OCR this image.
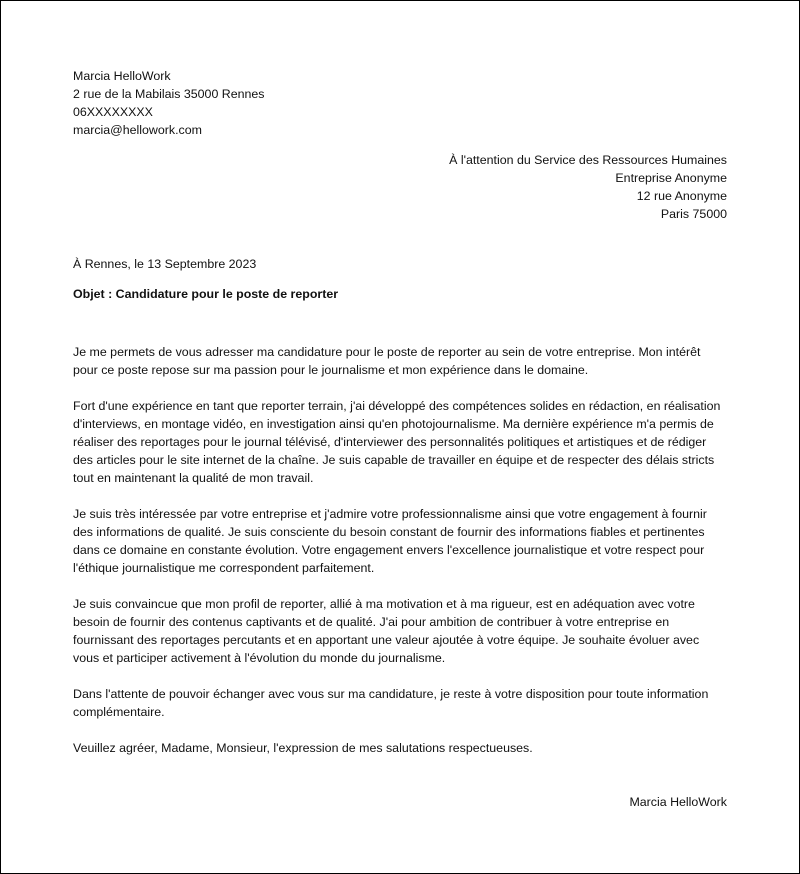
Marcia HelloWork
2 rue de la Mabilais 35000 Rennes
06XXXXXXXX
marcia@hellowork.com
À l'attention du Service des Ressources Humaines
Entreprise Anonyme
12 rue Anonyme
Paris 75000
À Rennes, le 13 Septembre 2023
Objet : Candidature pour le poste de reporter

Je me permets de vous adresser ma candidature pour le poste de reporter au sein de votre entreprise. Mon intérêt pour ce poste repose sur ma passion pour le journalisme et mon expérience dans le domaine.

Fort d'une expérience en tant que reporter terrain, j'ai développé des compétences solides en rédaction, en réalisation d'interviews, en montage vidéo, en investigation ainsi qu'en photojournalisme. Ma dernière expérience m'a permis de réaliser des reportages pour le journal télévisé, d'interviewer des personnalités politiques et artistiques et de rédiger des articles pour le site internet de la chaîne. Je suis capable de travailler en équipe et de respecter des délais stricts tout en maintenant la qualité de mon travail.

Je suis très intéressée par votre entreprise et j'admire votre professionnalisme ainsi que votre engagement à fournir des informations de qualité. Je suis consciente du besoin constant de fournir des informations fiables et pertinentes dans ce domaine en constante évolution. Votre engagement envers l'excellence journalistique et votre respect pour l'éthique journalistique me correspondent parfaitement.

Je suis convaincue que mon profil de reporter, allié à ma motivation et à ma rigueur, est en adéquation avec votre besoin de fournir des contenus captivants et de qualité. J'ai pour ambition de contribuer à votre entreprise en fournissant des reportages percutants et en apportant une valeur ajoutée à votre équipe. Je souhaite évoluer avec vous et participer activement à l'évolution du monde du journalisme.

Dans l'attente de pouvoir échanger avec vous sur ma candidature, je reste à votre disposition pour toute information complémentaire.

Veuillez agréer, Madame, Monsieur, l'expression de mes salutations respectueuses.

Marcia HelloWork
